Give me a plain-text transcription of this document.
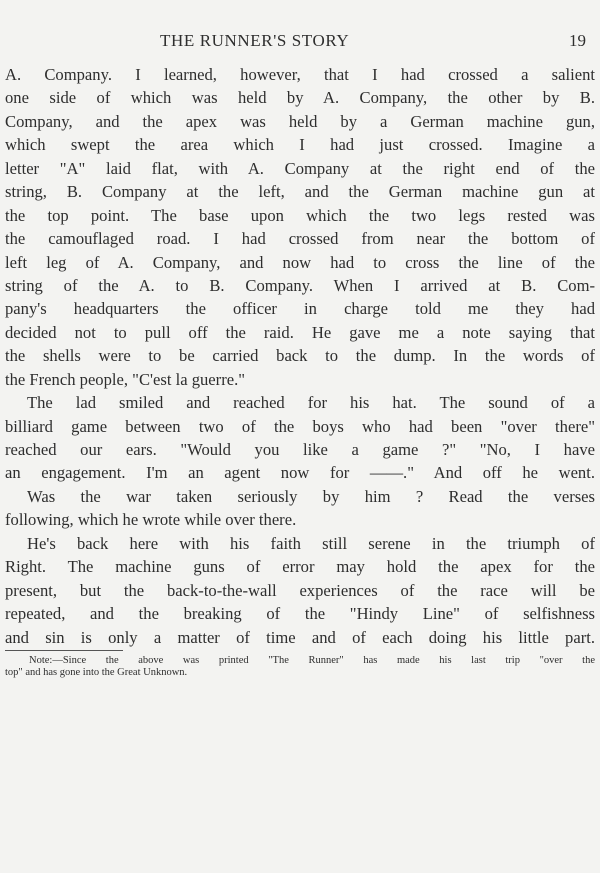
THE RUNNER'S STORY	19
A. Company. I learned, however, that I had crossed a salient
one side of which was held by A. Company, the other by B.
Company, and the apex was held by a German machine gun,
which swept the area which I had just crossed. Imagine a
letter "A" laid flat, with A. Company at the right end of the
string, B. Company at the left, and the German machine gun at
the top point. The base upon which the two legs rested was
the camouflaged road. I had crossed from near the bottom of
left leg of A. Company, and now had to cross the line of the
string of the A. to B. Company. When I arrived at B. Com-
pany's headquarters the officer in charge told me they had
decided not to pull off the raid. He gave me a note saying that
the shells were to be carried back to the dump. In the words of
the French people, "C'est la guerre."
The lad smiled and reached for his hat. The sound of a
billiard game between two of the boys who had been "over there"
reached our ears. "Would you like a game ?" "No, I have
an engagement. I'm an agent now for ——." And off he went.
Was the war taken seriously by him ? Read the verses
following, which he wrote while over there.
He's back here with his faith still serene in the triumph of
Right. The machine guns of error may hold the apex for the
present, but the back-to-the-wall experiences of the race will be
repeated, and the breaking of the "Hindy Line" of selfishness
and sin is only a matter of time and of each doing his little part.
Note:—Since the above was printed "The Runner" has made his last trip "over the
top" and has gone into the Great Unknown.
